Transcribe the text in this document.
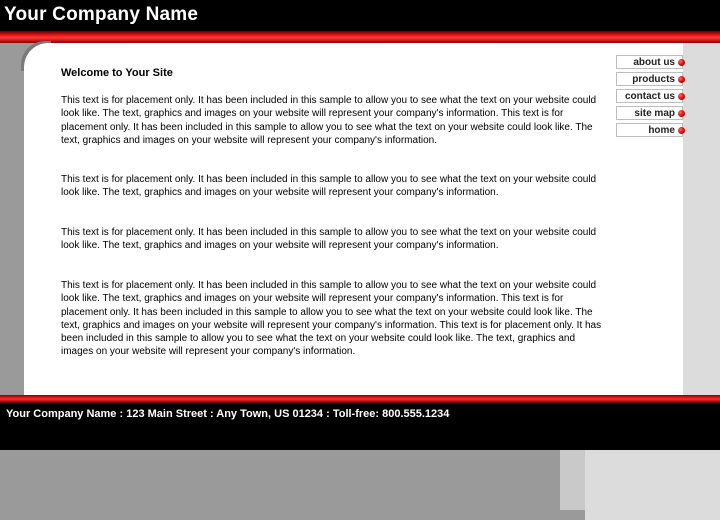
Your Company Name
Welcome to Your Site

This text is for placement only. It has been included in this sample to allow you to see what the text on your website could look like. The text, graphics and images on your website will represent your company's information. This text is for placement only. It has been included in this sample to allow you to see what the text on your website could look like. The text, graphics and images on your website will represent your company's information.

This text is for placement only. It has been included in this sample to allow you to see what the text on your website could look like. The text, graphics and images on your website will represent your company's information.

This text is for placement only. It has been included in this sample to allow you to see what the text on your website could look like. The text, graphics and images on your website will represent your company's information.

This text is for placement only. It has been included in this sample to allow you to see what the text on your website could look like. The text, graphics and images on your website will represent your company's information. This text is for placement only. It has been included in this sample to allow you to see what the text on your website could look like. The text, graphics and images on your website will represent your company's information. This text is for placement only. It has been included in this sample to allow you to see what the text on your website could look like. The text, graphics and images on your website will represent your company's information.

about us
products
contact us
site map
home

Your Company Name : 123 Main Street : Any Town, US 01234 : Toll-free: 800.555.1234
